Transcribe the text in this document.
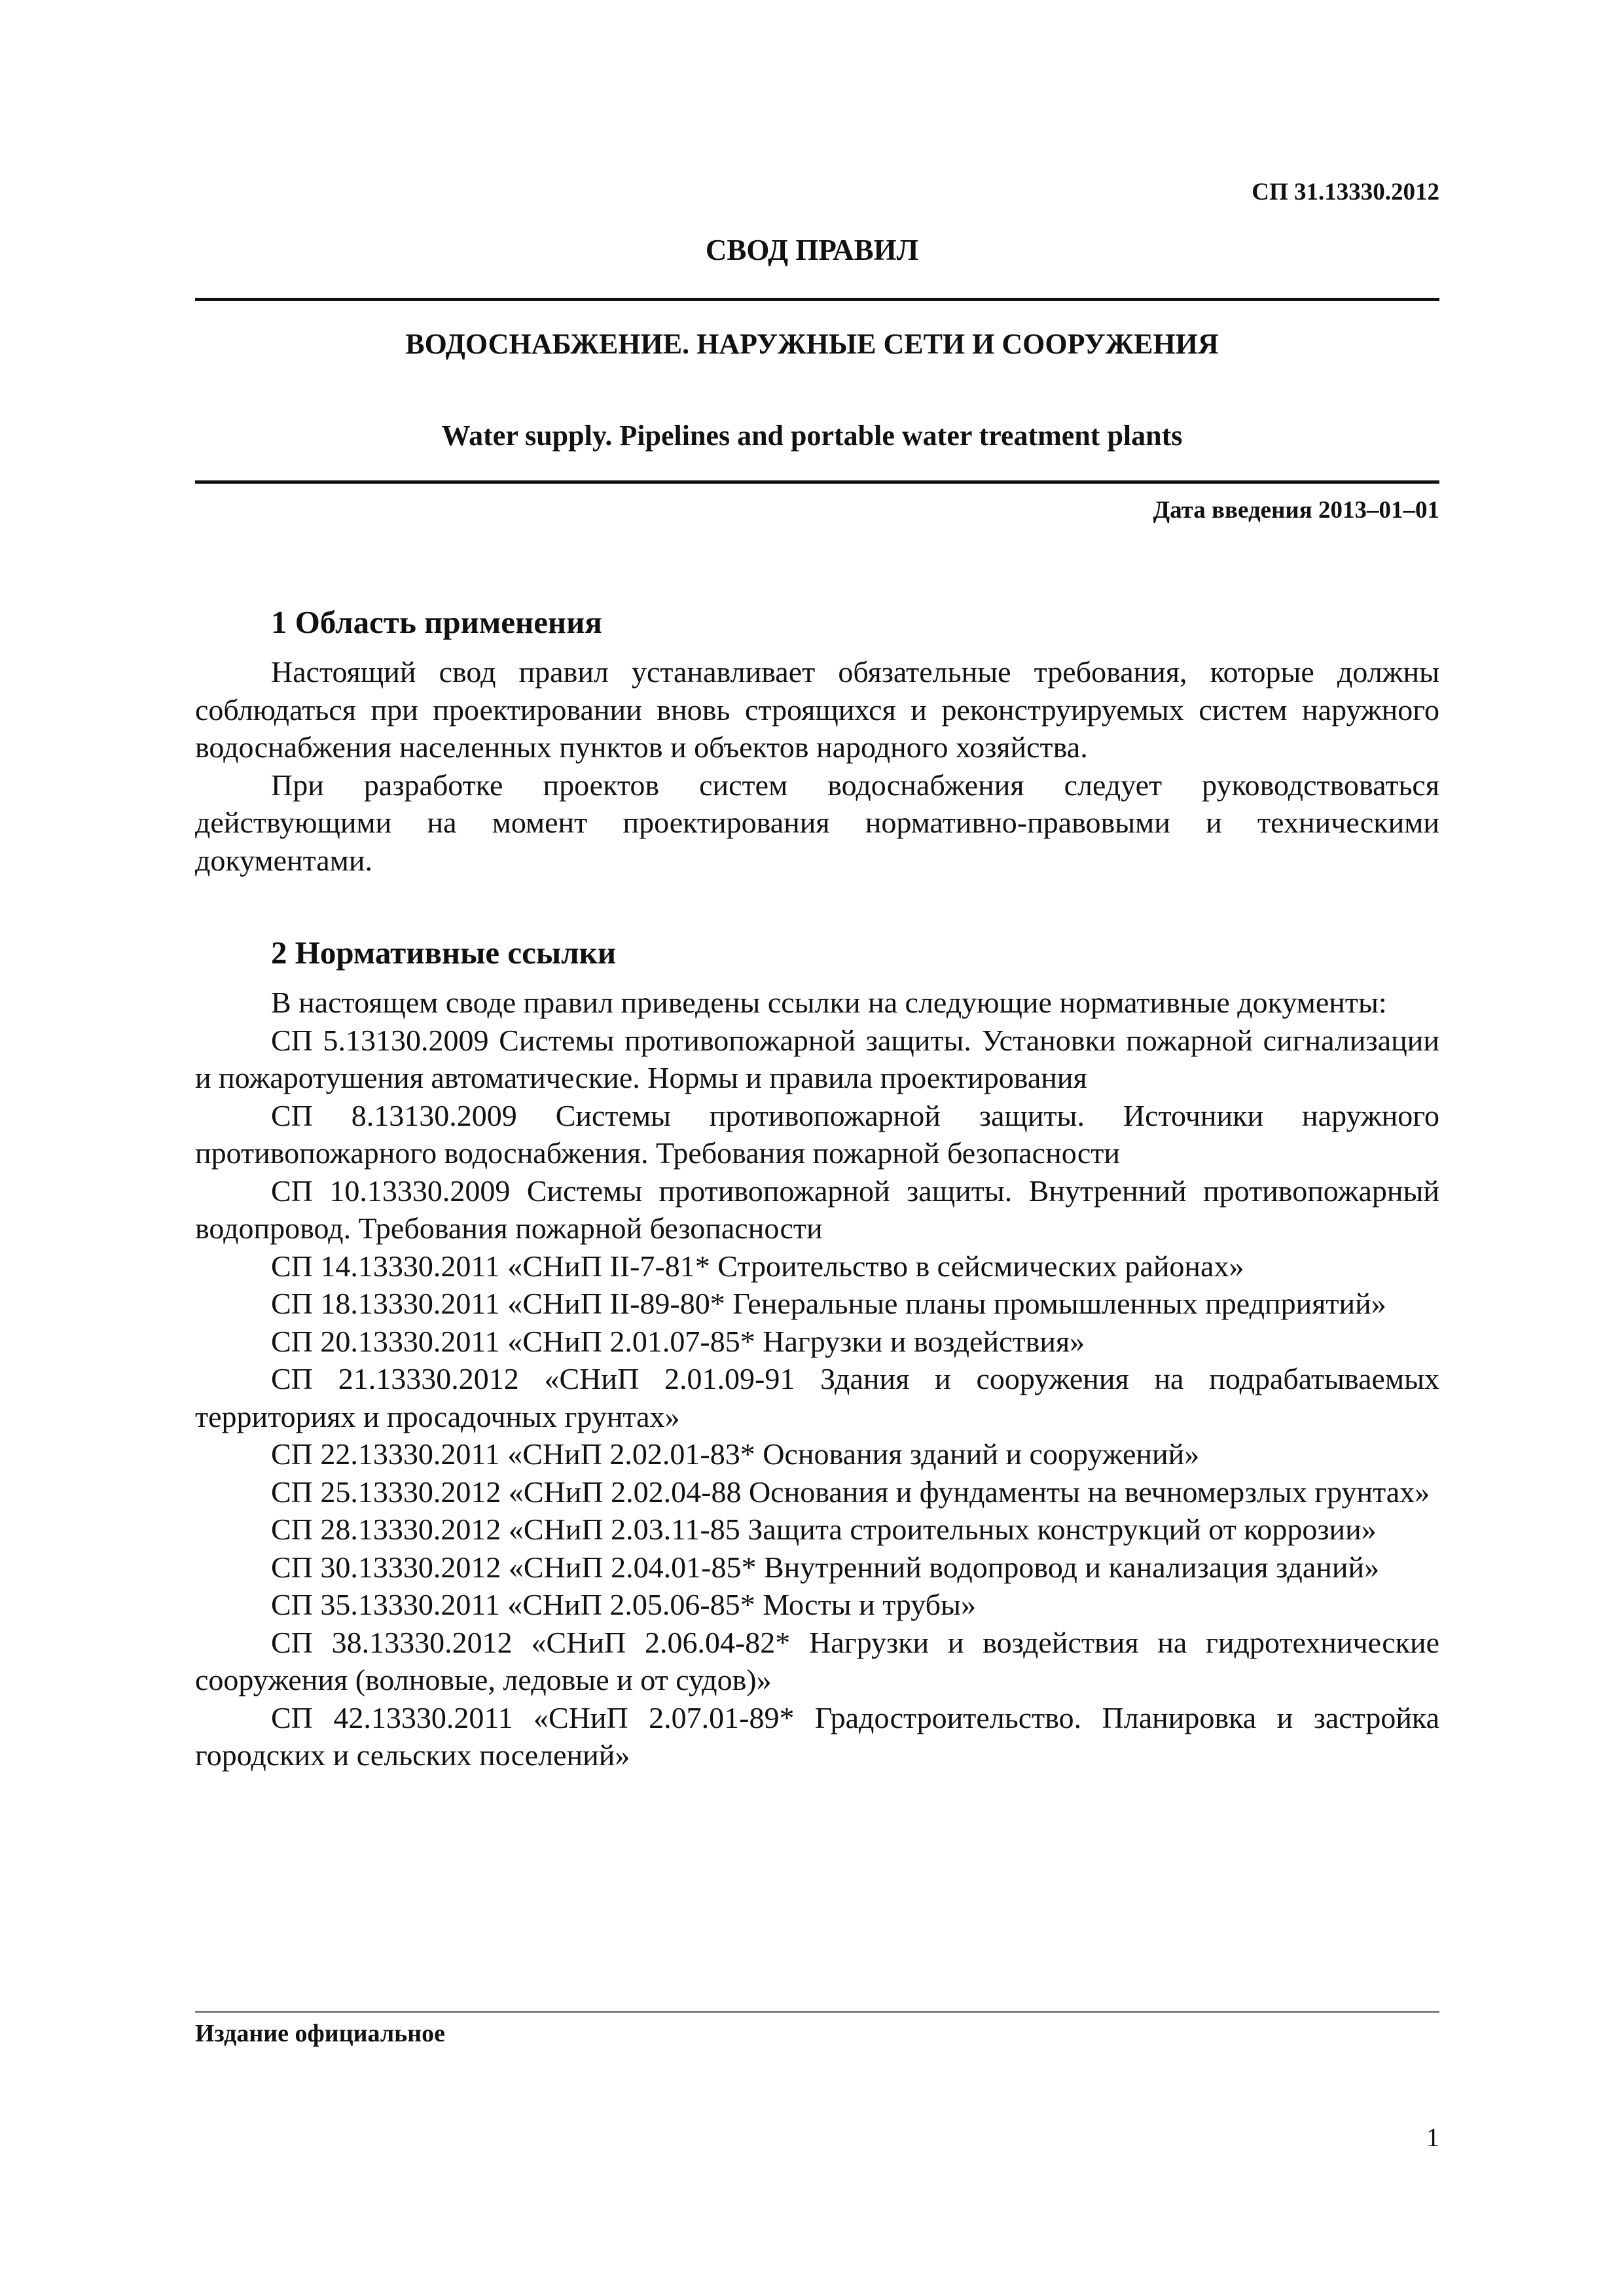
СП 31.13330.2012

СВОД ПРАВИЛ

ВОДОСНАБЖЕНИЕ. НАРУЖНЫЕ СЕТИ И СООРУЖЕНИЯ

Water supply. Pipelines and portable water treatment plants

Дата введения 2013–01–01

1 Область применения

Настоящий свод правил устанавливает обязательные требования, которые должны соблюдаться при проектировании вновь строящихся и реконструируемых систем наружного водоснабжения населенных пунктов и объектов народного хозяйства.

При разработке проектов систем водоснабжения следует руководствоваться действующими на момент проектирования нормативно-правовыми и техническими документами.

2 Нормативные ссылки

В настоящем своде правил приведены ссылки на следующие нормативные документы:

СП 5.13130.2009 Системы противопожарной защиты. Установки пожарной сигнализации и пожаротушения автоматические. Нормы и правила проектирования

СП 8.13130.2009 Системы противопожарной защиты. Источники наружного противопожарного водоснабжения. Требования пожарной безопасности

СП 10.13330.2009 Системы противопожарной защиты. Внутренний противопожарный водопровод. Требования пожарной безопасности

СП 14.13330.2011 «СНиП II-7-81* Строительство в сейсмических районах»

СП 18.13330.2011 «СНиП II-89-80* Генеральные планы промышленных предприятий»

СП 20.13330.2011 «СНиП 2.01.07-85* Нагрузки и воздействия»

СП 21.13330.2012 «СНиП 2.01.09-91 Здания и сооружения на подрабатываемых территориях и просадочных грунтах»

СП 22.13330.2011 «СНиП 2.02.01-83* Основания зданий и сооружений»

СП 25.13330.2012 «СНиП 2.02.04-88 Основания и фундаменты на вечномерзлых грунтах»

СП 28.13330.2012 «СНиП 2.03.11-85 Защита строительных конструкций от коррозии»

СП 30.13330.2012 «СНиП 2.04.01-85* Внутренний водопровод и канализация зданий»

СП 35.13330.2011 «СНиП 2.05.06-85* Мосты и трубы»

СП 38.13330.2012 «СНиП 2.06.04-82* Нагрузки и воздействия на гидротехнические сооружения (волновые, ледовые и от судов)»

СП 42.13330.2011 «СНиП 2.07.01-89* Градостроительство. Планировка и застройка городских и сельских поселений»

Издание официальное

1
